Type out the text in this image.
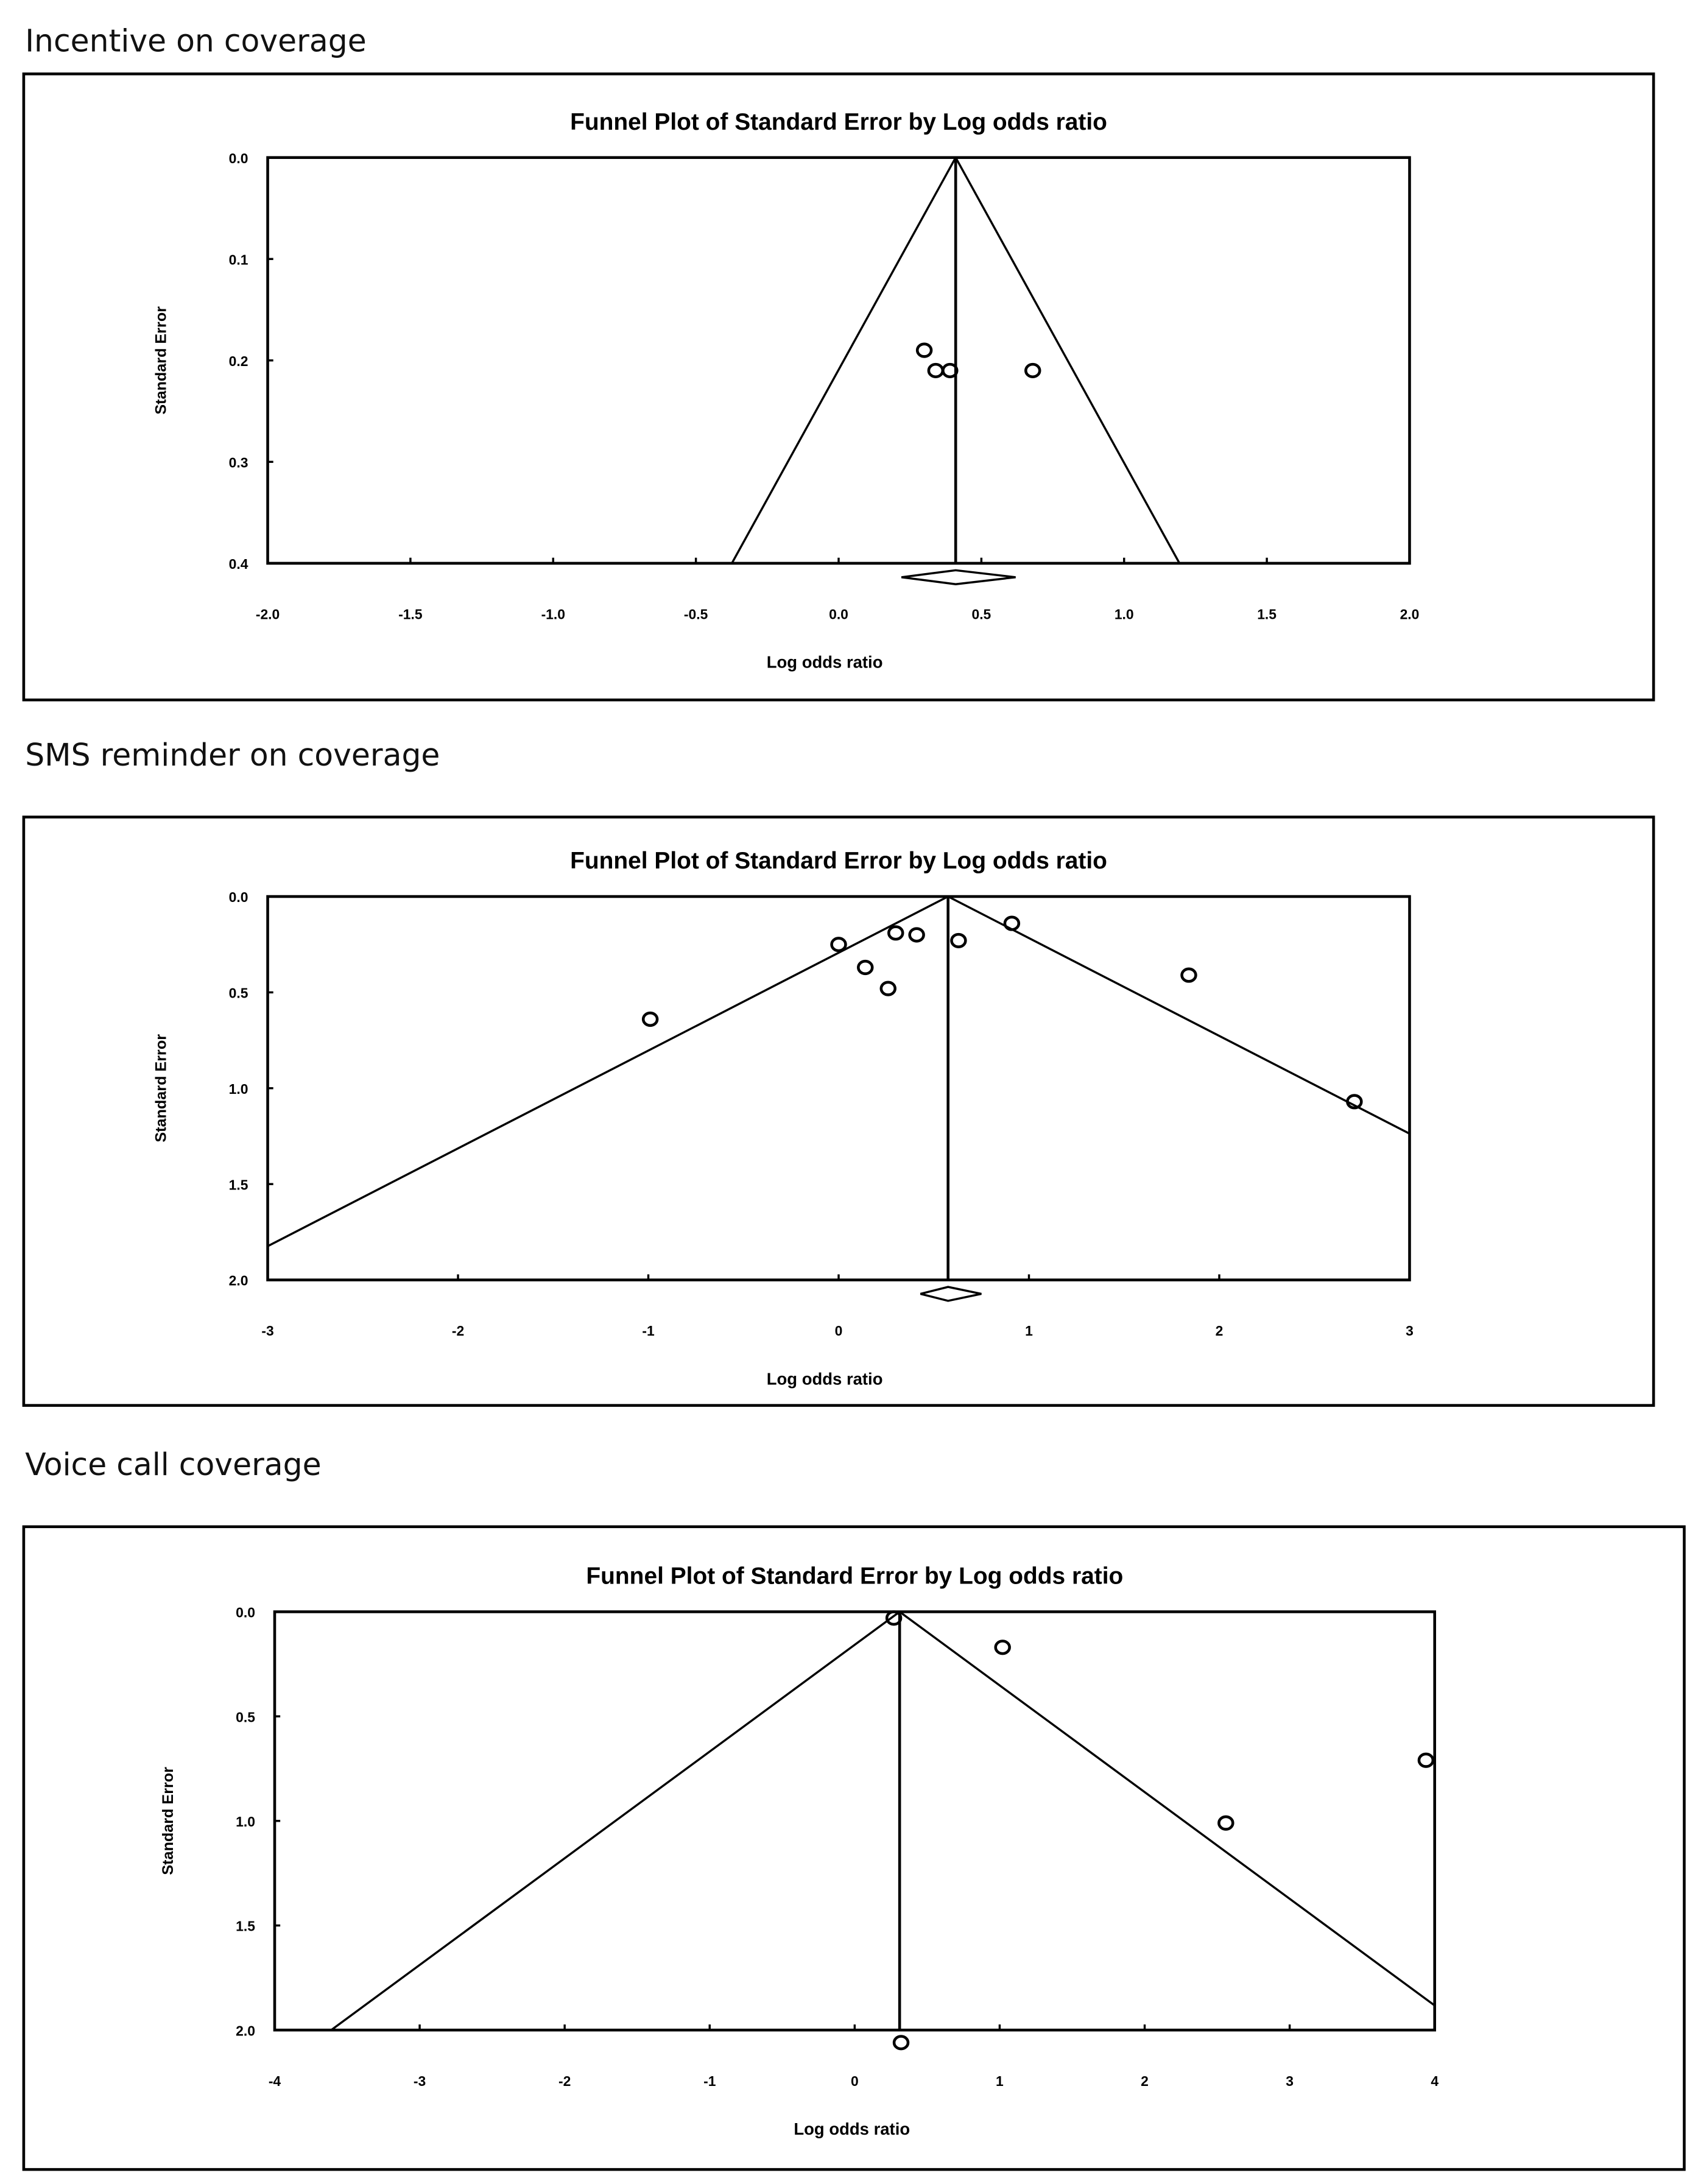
Incentive on coverage
SMS reminder on coverage
Voice call coverage
Funnel Plot of Standard Error by Log odds ratio
-2.0	-1.5	-1.0	-0.5	0.0	0.5	1.0	1.5	2.0
0.0
0.1
0.2
0.3
0.4
Log odds ratio
Standard Error
Funnel Plot of Standard Error by Log odds ratio
-3	-2	-1	0	1	2	3
0.0
0.5
1.0
1.5
2.0
Log odds ratio
Standard Error
Funnel Plot of Standard Error by Log odds ratio
-4	-3	-2	-1	0	1	2	3	4
0.0
0.5
1.0
1.5
2.0
Log odds ratio
Standard Error
